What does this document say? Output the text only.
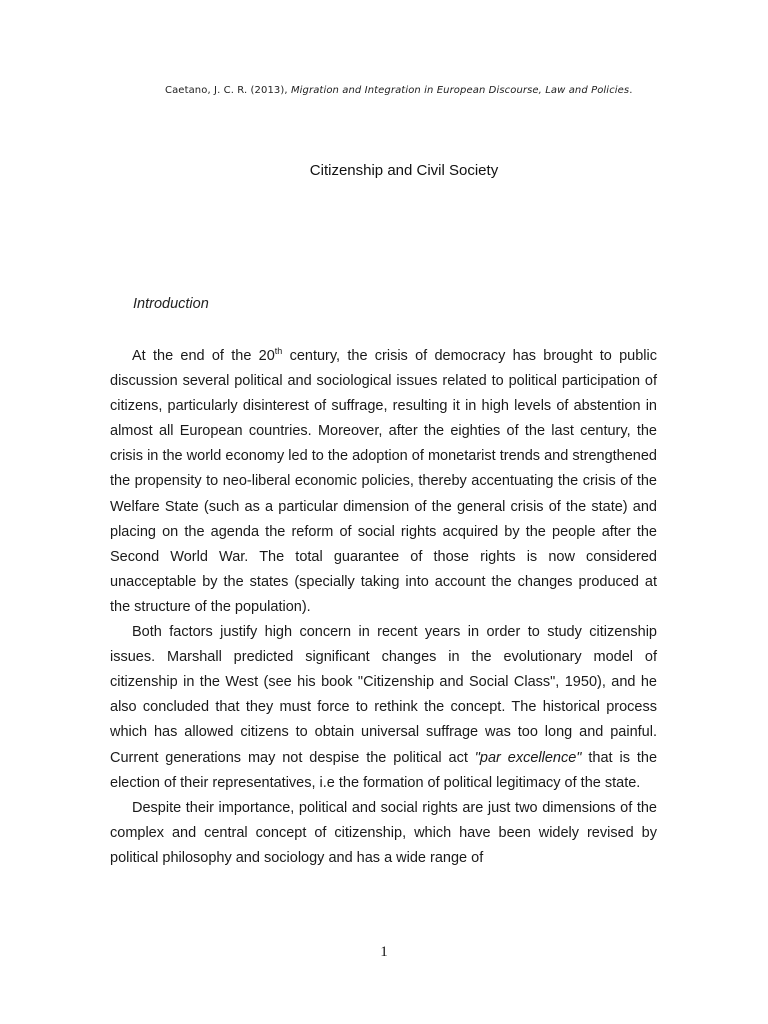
Caetano, J. C. R. (2013), Migration and Integration in European Discourse, Law and Policies.
Citizenship and Civil Society
Introduction

At the end of the 20th century, the crisis of democracy has brought to public discussion several political and sociological issues related to political participation of citizens, particularly disinterest of suffrage, resulting it in high levels of abstention in almost all European countries. Moreover, after the eighties of the last century, the crisis in the world economy led to the adoption of monetarist trends and strengthened the propensity to neo-liberal economic policies, thereby accentuating the crisis of the Welfare State (such as a particular dimension of the general crisis of the state) and placing on the agenda the reform of social rights acquired by the people after the Second World War. The total guarantee of those rights is now considered unacceptable by the states (specially taking into account the changes produced at the structure of the population).

Both factors justify high concern in recent years in order to study citizenship issues. Marshall predicted significant changes in the evolutionary model of citizenship in the West (see his book "Citizenship and Social Class", 1950), and he also concluded that they must force to rethink the concept. The historical process which has allowed citizens to obtain universal suffrage was too long and painful. Current generations may not despise the political act "par excellence" that is the election of their representatives, i.e the formation of political legitimacy of the state.

Despite their importance, political and social rights are just two dimensions of the complex and central concept of citizenship, which have been widely revised by political philosophy and sociology and has a wide range of

1
